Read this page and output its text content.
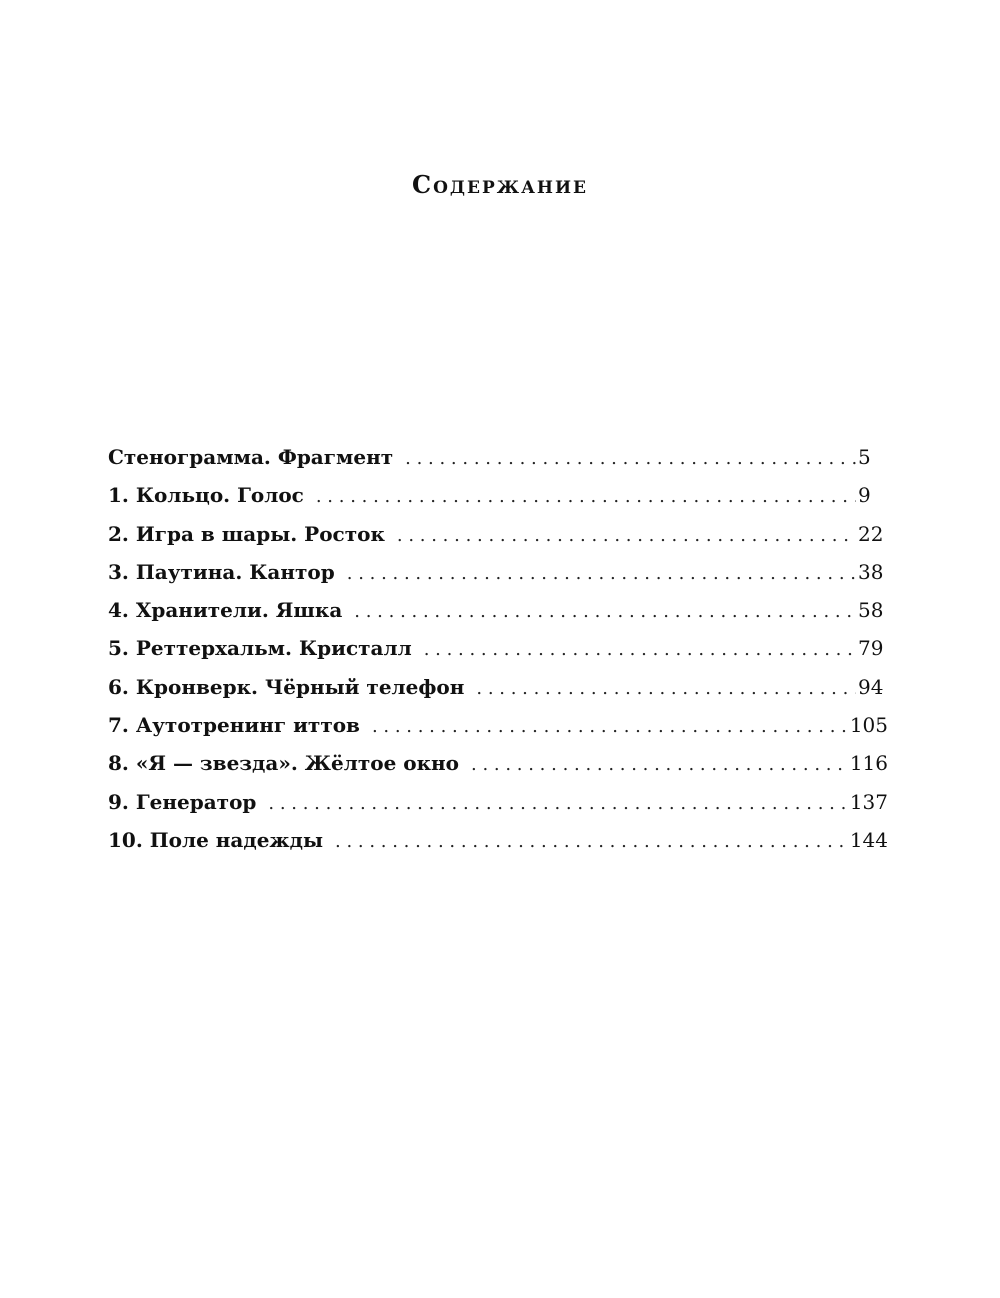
Содержание
Стенограмма. Фрагмент . . .	5
1. Кольцо. Голос . . .	9
2. Игра в шары. Росток . . .	22
3. Паутина. Кантор . . .	38
4. Хранители. Яшка . . .	58
5. Реттерхальм. Кристалл . . .	79
6. Кронверк. Чёрный телефон . . .	94
7. Аутотренинг иттов . . .	105
8. «Я — звезда». Жёлтое окно . . .	116
9. Генератор . . .	137
10. Поле надежды . . .	144
